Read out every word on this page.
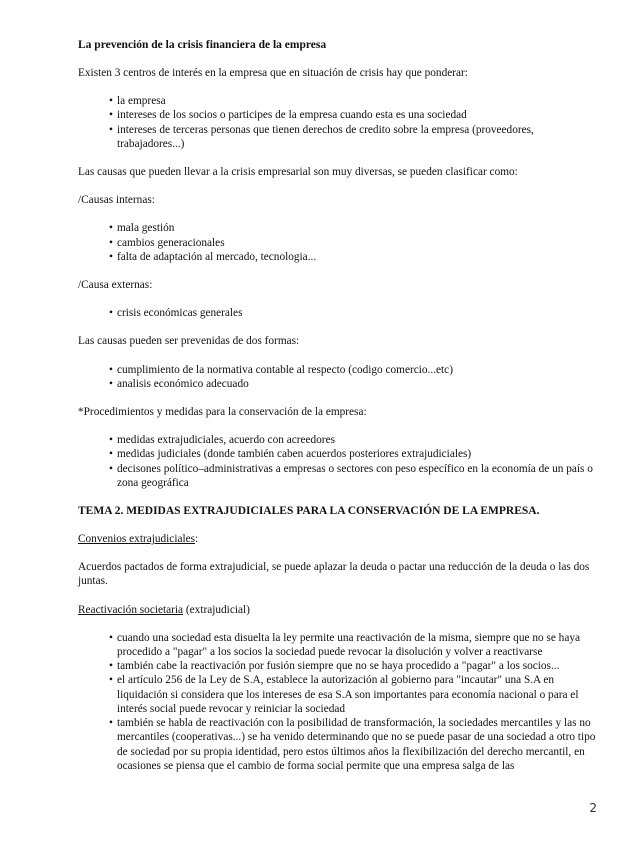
La prevención de la crisis financiera de la empresa

Existen 3 centros de interés en la empresa que en situación de crisis hay que ponderar:

• la empresa
• intereses de los socios o participes de la empresa cuando esta es una sociedad
• intereses de terceras personas que tienen derechos de credito sobre la empresa (proveedores, trabajadores...)

Las causas que pueden llevar a la crisis empresarial son muy diversas, se pueden clasificar como:

/Causas internas:

• mala gestión
• cambios generacionales
• falta de adaptación al mercado, tecnologia...

/Causa externas:

• crisis económicas generales

Las causas pueden ser prevenidas de dos formas:

• cumplimiento de la normativa contable al respecto (codigo comercio...etc)
• analisis económico adecuado

*Procedimientos y medidas para la conservación de la empresa:

• medidas extrajudiciales, acuerdo con acreedores
• medidas judiciales (donde también caben acuerdos posteriores extrajudiciales)
• decisones político–administrativas a empresas o sectores con peso específico en la economía de un país o zona geográfica
TEMA 2. MEDIDAS EXTRAJUDICIALES PARA LA CONSERVACIÓN DE LA EMPRESA.

Convenios extrajudiciales:

Acuerdos pactados de forma extrajudicial, se puede aplazar la deuda o pactar una reducción de la deuda o las dos juntas.

Reactivación societaria (extrajudicial)

• cuando una sociedad esta disuelta la ley permite una reactivación de la misma, siempre que no se haya procedido a "pagar" a los socios la sociedad puede revocar la disolución y volver a reactivarse
• también cabe la reactivación por fusión siempre que no se haya procedido a "pagar" a los socios...
• el artículo 256 de la Ley de S.A, establece la autorización al gobierno para "incautar" una S.A en liquidación si considera que los intereses de esa S.A son importantes para economía nacional o para el interés social puede revocar y reiniciar la sociedad
• también se habla de reactivación con la posibilidad de transformación, la sociedades mercantiles y las no mercantiles (cooperativas...) se ha venido determinando que no se puede pasar de una sociedad a otro tipo de sociedad por su propia identidad, pero estos últimos años la flexibilización del derecho mercantil, en ocasiones se piensa que el cambio de forma social permite que una empresa salga de las
2
